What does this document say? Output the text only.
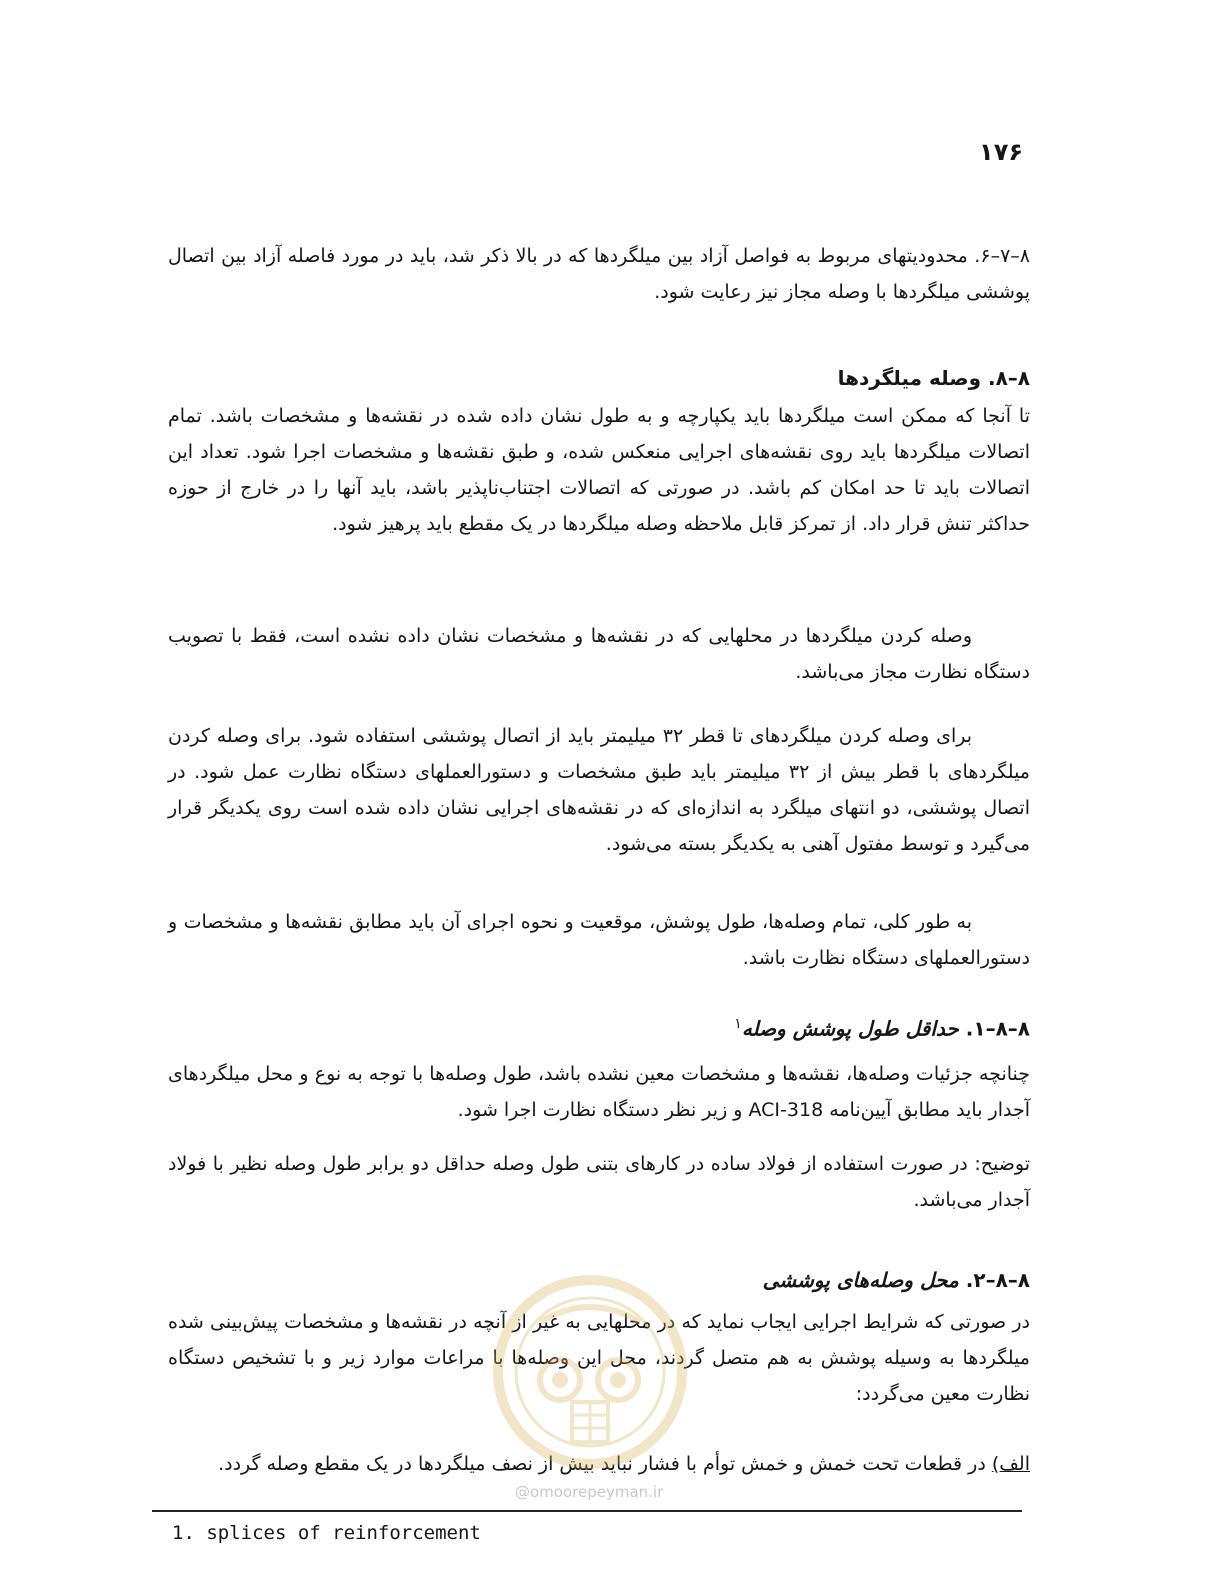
۱۷۶

۸–۷–۶. محدودیتهای مربوط به فواصل آزاد بین میلگردها که در بالا ذکر شد، باید در مورد فاصله آزاد بین اتصال پوششی میلگردها با وصله مجاز نیز رعایت شود.

۸–۸. وصله میلگردها

تا آنجا که ممکن است میلگردها باید یکپارچه و به طول نشان داده شده در نقشه‌ها و مشخصات باشد. تمام اتصالات میلگردها باید روی نقشه‌های اجرایی منعکس شده، و طبق نقشه‌ها و مشخصات اجرا شود. تعداد این اتصالات باید تا حد امکان کم باشد. در صورتی که اتصالات اجتناب‌ناپذیر باشد، باید آنها را در خارج از حوزه حداکثر تنش قرار داد. از تمرکز قابل ملاحظه وصله میلگردها در یک مقطع باید پرهیز شود.

وصله کردن میلگردها در محلهایی که در نقشه‌ها و مشخصات نشان داده نشده است، فقط با تصویب دستگاه نظارت مجاز می‌باشد.

برای وصله کردن میلگردهای تا قطر ۳۲ میلیمتر باید از اتصال پوششی استفاده شود. برای وصله کردن میلگردهای با قطر بیش از ۳۲ میلیمتر باید طبق مشخصات و دستورالعملهای دستگاه نظارت عمل شود. در اتصال پوششی، دو انتهای میلگرد به اندازه‌ای که در نقشه‌های اجرایی نشان داده شده است روی یکدیگر قرار می‌گیرد و توسط مفتول آهنی به یکدیگر بسته می‌شود.

به طور کلی، تمام وصله‌ها، طول پوشش، موقعیت و نحوه اجرای آن باید مطابق نقشه‌ها و مشخصات و دستورالعملهای دستگاه نظارت باشد.

۸–۸–۱. حداقل طول پوشش وصله$^۱$

چنانچه جزئیات وصله‌ها، نقشه‌ها و مشخصات معین نشده باشد، طول وصله‌ها با توجه به نوع و محل میلگردهای آجدار باید مطابق آیین‌نامه ACI-318 و زیر نظر دستگاه نظارت اجرا شود.

توضیح: در صورت استفاده از فولاد ساده در کارهای بتنی طول وصله حداقل دو برابر طول وصله نظیر با فولاد آجدار می‌باشد.

۸–۸–۲. محل وصله‌های پوششی

در صورتی که شرایط اجرایی ایجاب نماید که در محلهایی به غیر از آنچه در نقشه‌ها و مشخصات پیش‌بینی شده میلگردها به وسیله پوشش به هم متصل گردند، محل این وصله‌ها با مراعات موارد زیر و با تشخیص دستگاه نظارت معین می‌گردد:

الف) در قطعات تحت خمش و خمش توأم با فشار نباید بیش از نصف میلگردها در یک مقطع وصله گردد.

@omoorepeyman.ir
1. splices of reinforcement
